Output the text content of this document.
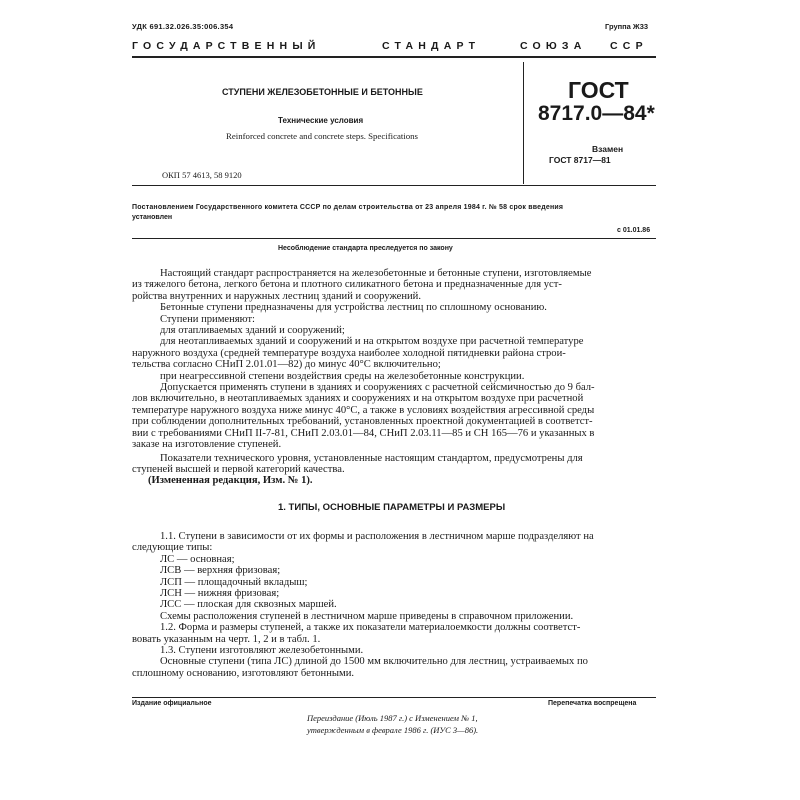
УДК 691.32.026.35:006.354	Группа Ж33
ГОСУДАРСТВЕННЫЙ	СТАНДАРТ	СОЮЗА ССР
СТУПЕНИ ЖЕЛЕЗОБЕТОННЫЕ И БЕТОННЫЕ
Технические условия
Reinforced concrete and concrete steps. Specifications
ОКП 57 4613, 58 9120
ГОСТ
8717.0—84*
Взамен
ГОСТ 8717—81
Постановлением Государственного комитета СССР по делам строительства от 23 апреля 1984 г. № 58 срок введения
установлен
с 01.01.86
Несоблюдение стандарта преследуется по закону
Настоящий стандарт распространяется на железобетонные и бетонные ступени, изготовляемые
из тяжелого бетона, легкого бетона и плотного силикатного бетона и предназначенные для уст-
ройства внутренних и наружных лестниц зданий и сооружений.
Бетонные ступени предназначены для устройства лестниц по сплошному основанию.
Ступени применяют:
для отапливаемых зданий и сооружений;
для неотапливаемых зданий и сооружений и на открытом воздухе при расчетной температуре
наружного воздуха (средней температуре воздуха наиболее холодной пятидневки района строи-
тельства согласно СНиП 2.01.01—82) до минус 40°С включительно;
при неагрессивной степени воздействия среды на железобетонные конструкции.
Допускается применять ступени в зданиях и сооружениях с расчетной сейсмичностью до 9 бал-
лов включительно, в неотапливаемых зданиях и сооружениях и на открытом воздухе при расчетной
температуре наружного воздуха ниже минус 40°С, а также в условиях воздействия агрессивной среды
при соблюдении дополнительных требований, установленных проектной документацией в соответст-
вии с требованиями СНиП II-7-81, СНиП 2.03.01—84, СНиП 2.03.11—85 и СН 165—76 и указанных в
заказе на изготовление ступеней.
Показатели технического уровня, установленные настоящим стандартом, предусмотрены для
ступеней высшей и первой категорий качества.
(Измененная редакция, Изм. № 1).
1. ТИПЫ, ОСНОВНЫЕ ПАРАМЕТРЫ И РАЗМЕРЫ
1.1. Ступени в зависимости от их формы и расположения в лестничном марше подразделяют на
следующие типы:
ЛС — основная;
ЛСВ — верхняя фризовая;
ЛСП — площадочный вкладыш;
ЛСН — нижняя фризовая;
ЛСС — плоская для сквозных маршей.
Схемы расположения ступеней в лестничном марше приведены в справочном приложении.
1.2. Форма и размеры ступеней, а также их показатели материалоемкости должны соответст-
вовать указанным на черт. 1, 2 и в табл. 1.
1.3. Ступени изготовляют железобетонными.
Основные ступени (типа ЛС) длиной до 1500 мм включительно для лестниц, устраиваемых по
сплошному основанию, изготовляют бетонными.
Издание официальное	Перепечатка воспрещена
Переиздание (Июль 1987 г.) с Изменением № 1,
утвержденным в феврале 1986 г. (ИУС 3—86).
